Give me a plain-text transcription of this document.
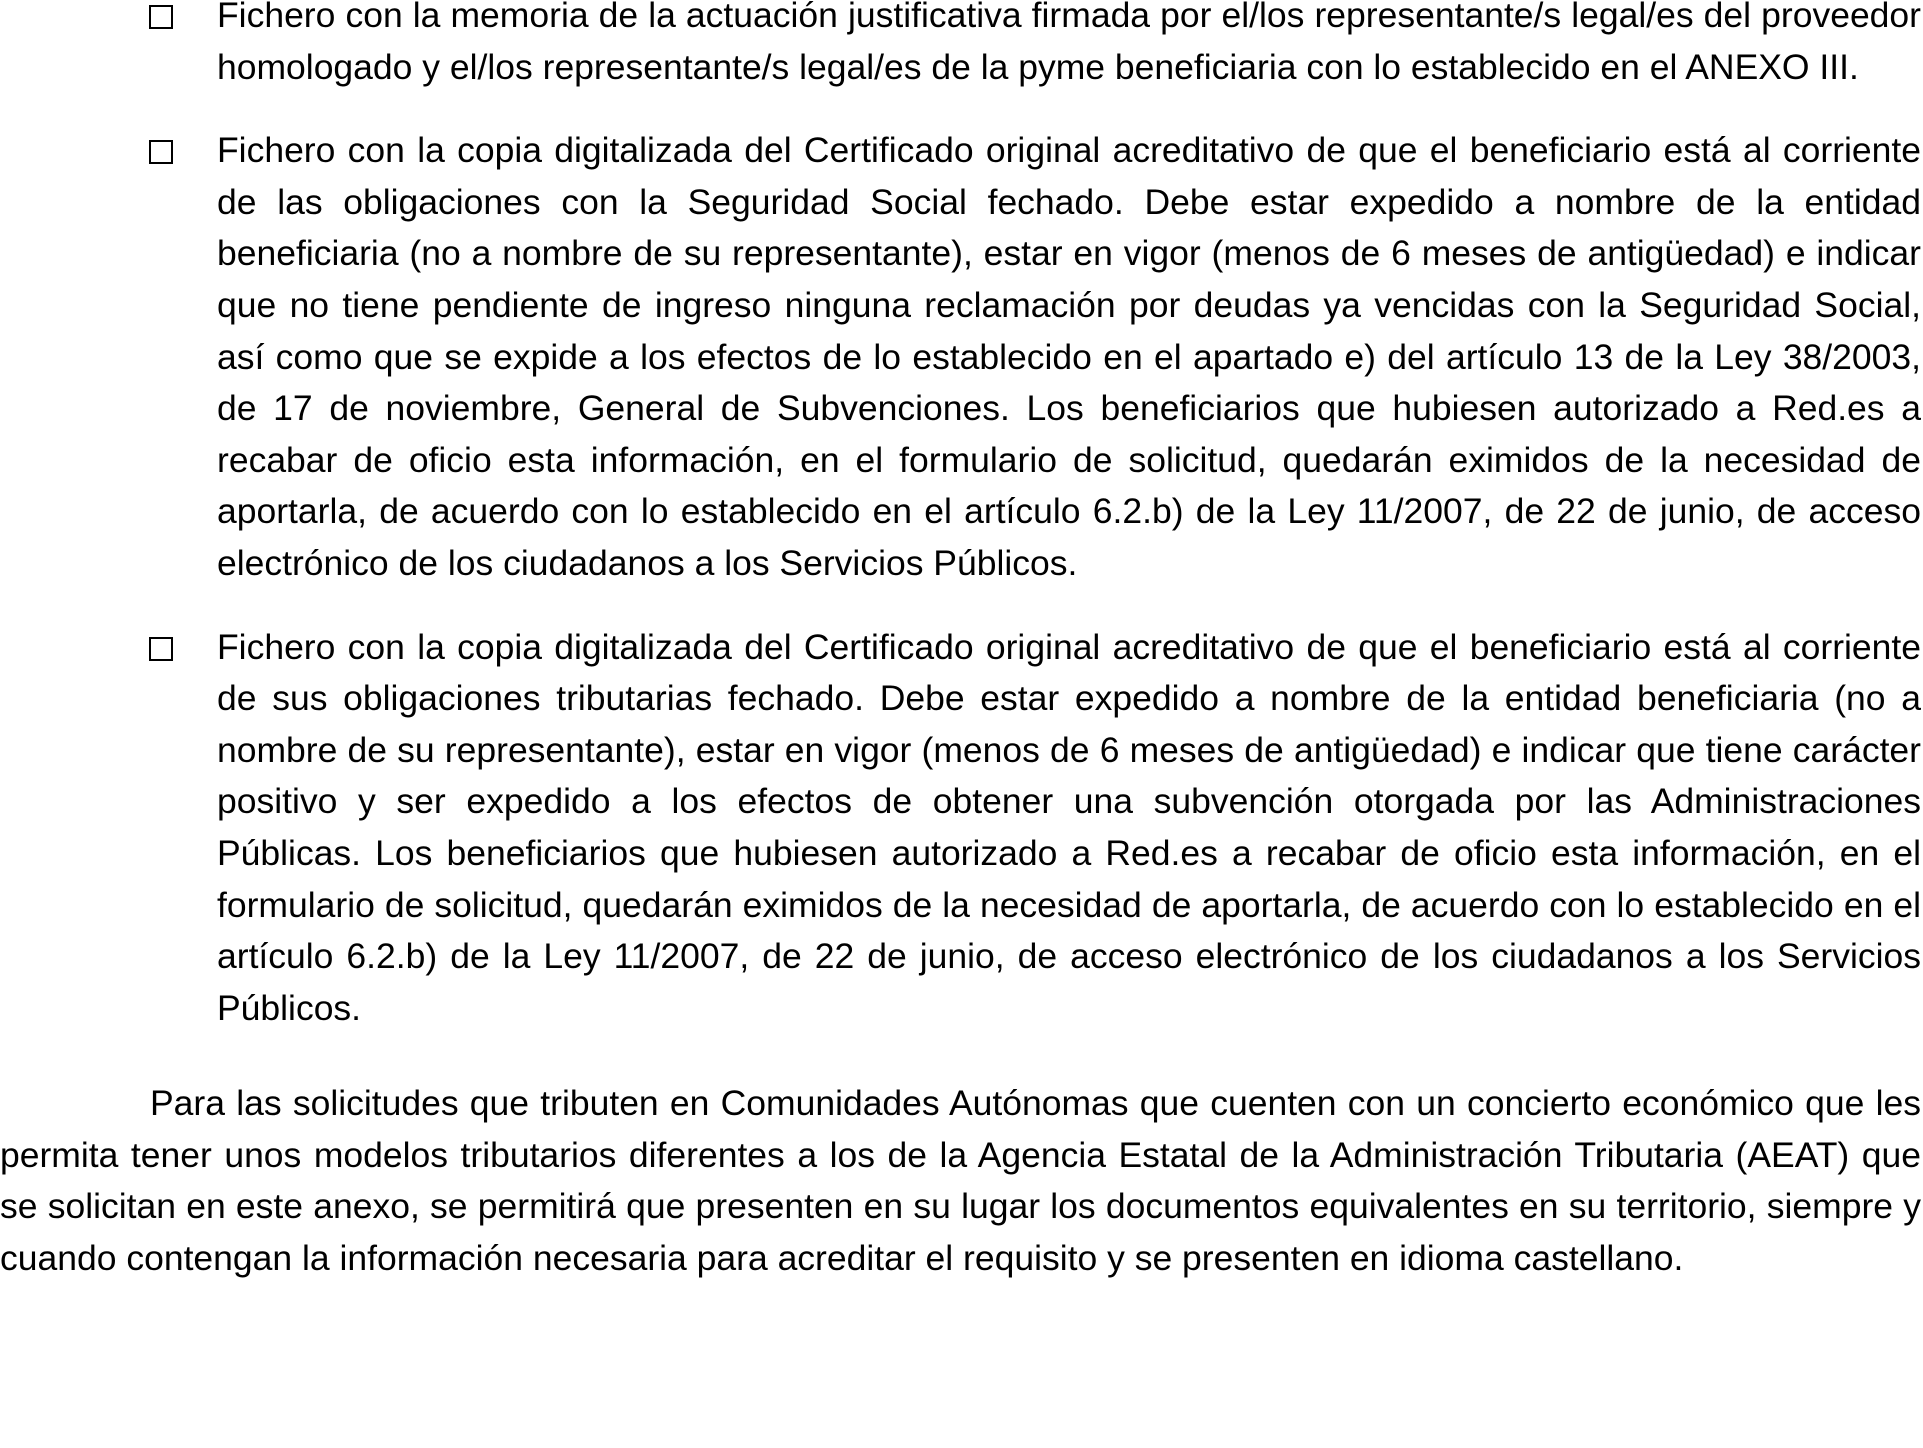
Fichero con la memoria de la actuación justificativa firmada por el/los representante/s legal/es del proveedor homologado y el/los representante/s legal/es de la pyme beneficiaria con lo establecido en el ANEXO III.

Fichero con la copia digitalizada del Certificado original acreditativo de que el beneficiario está al corriente de las obligaciones con la Seguridad Social fechado. Debe estar expedido a nombre de la entidad beneficiaria (no a nombre de su representante), estar en vigor (menos de 6 meses de antigüedad) e indicar que no tiene pendiente de ingreso ninguna reclamación por deudas ya vencidas con la Seguridad Social, así como que se expide a los efectos de lo establecido en el apartado e) del artículo 13 de la Ley 38/2003, de 17 de noviembre, General de Subvenciones. Los beneficiarios que hubiesen autorizado a Red.es a recabar de oficio esta información, en el formulario de solicitud, quedarán eximidos de la necesidad de aportarla, de acuerdo con lo establecido en el artículo 6.2.b) de la Ley 11/2007, de 22 de junio, de acceso electrónico de los ciudadanos a los Servicios Públicos.

Fichero con la copia digitalizada del Certificado original acreditativo de que el beneficiario está al corriente de sus obligaciones tributarias fechado. Debe estar expedido a nombre de la entidad beneficiaria (no a nombre de su representante), estar en vigor (menos de 6 meses de antigüedad) e indicar que tiene carácter positivo y ser expedido a los efectos de obtener una subvención otorgada por las Administraciones Públicas. Los beneficiarios que hubiesen autorizado a Red.es a recabar de oficio esta información, en el formulario de solicitud, quedarán eximidos de la necesidad de aportarla, de acuerdo con lo establecido en el artículo 6.2.b) de la Ley 11/2007, de 22 de junio, de acceso electrónico de los ciudadanos a los Servicios Públicos.

Para las solicitudes que tributen en Comunidades Autónomas que cuenten con un concierto económico que les permita tener unos modelos tributarios diferentes a los de la Agencia Estatal de la Administración Tributaria (AEAT) que se solicitan en este anexo, se permitirá que presenten en su lugar los documentos equivalentes en su territorio, siempre y cuando contengan la información necesaria para acreditar el requisito y se presenten en idioma castellano.
